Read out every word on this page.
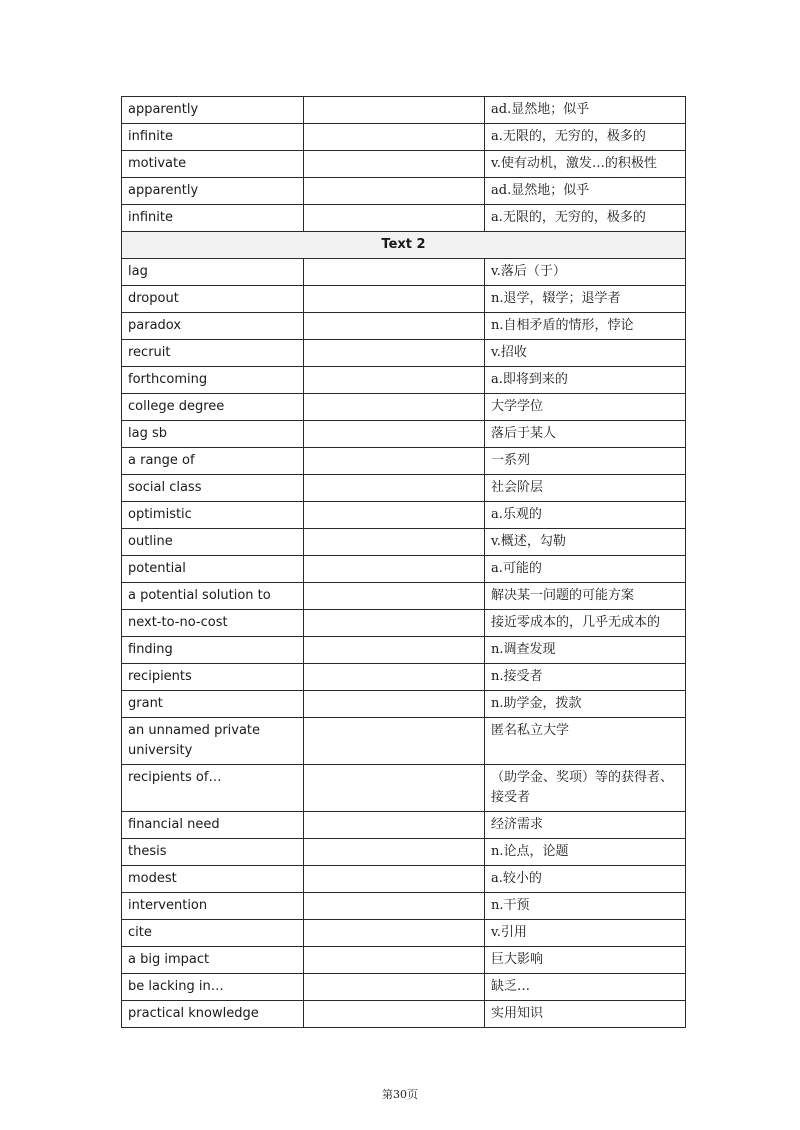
apparently		ad.显然地；似乎
infinite		a.无限的，无穷的，极多的
motivate		v.使有动机，激发…的积极性
apparently		ad.显然地；似乎
infinite		a.无限的，无穷的，极多的
Text 2		
lag		v.落后（于）
dropout		n.退学，辍学；退学者
paradox		n.自相矛盾的情形，悖论
recruit		v.招收
forthcoming		a.即将到来的
college degree		大学学位
lag sb		落后于某人
a range of		一系列
social class		社会阶层
optimistic		a.乐观的
outline		v.概述，勾勒
potential		a.可能的
a potential solution to		解决某一问题的可能方案
next-to-no-cost		接近零成本的，几乎无成本的
finding		n.调查发现
recipients		n.接受者
grant		n.助学金，拨款
an unnamed private university		匿名私立大学
recipients of…		（助学金、奖项）等的获得者、接受者
financial need		经济需求
thesis		n.论点，论题
modest		a.较小的
intervention		n.干预
cite		v.引用
a big impact		巨大影响
be lacking in…		缺乏…
practical knowledge		实用知识
第30页
